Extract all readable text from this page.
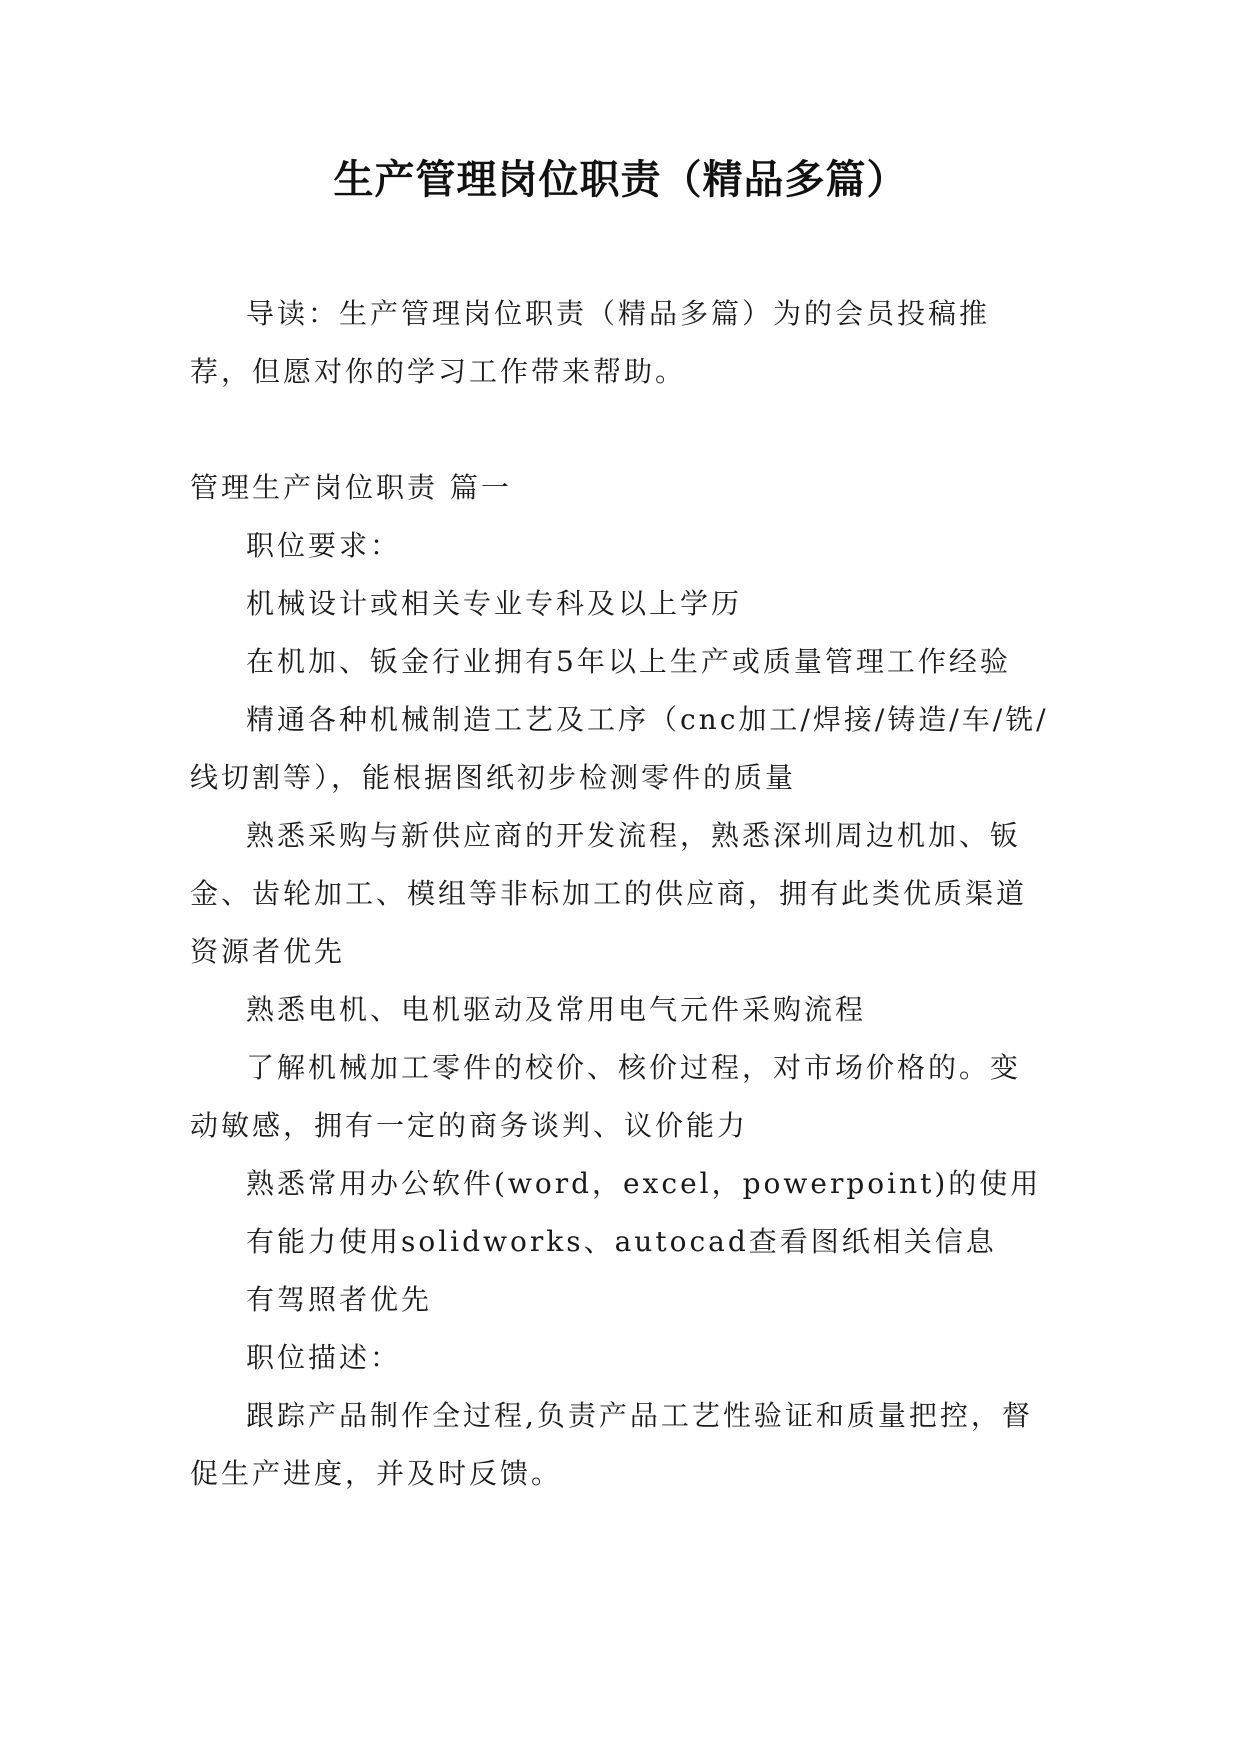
生产管理岗位职责（精品多篇）

导读：生产管理岗位职责（精品多篇）为的会员投稿推荐，但愿对你的学习工作带来帮助。

管理生产岗位职责 篇一

职位要求：

机械设计或相关专业专科及以上学历

在机加、钣金行业拥有5年以上生产或质量管理工作经验

精通各种机械制造工艺及工序（cnc加工/焊接/铸造/车/铣/线切割等），能根据图纸初步检测零件的质量

熟悉采购与新供应商的开发流程，熟悉深圳周边机加、钣金、齿轮加工、模组等非标加工的供应商，拥有此类优质渠道资源者优先

熟悉电机、电机驱动及常用电气元件采购流程

了解机械加工零件的校价、核价过程，对市场价格的。变动敏感，拥有一定的商务谈判、议价能力

熟悉常用办公软件(word，excel，powerpoint)的使用

有能力使用solidworks、autocad查看图纸相关信息

有驾照者优先

职位描述：

跟踪产品制作全过程,负责产品工艺性验证和质量把控，督促生产进度，并及时反馈。
